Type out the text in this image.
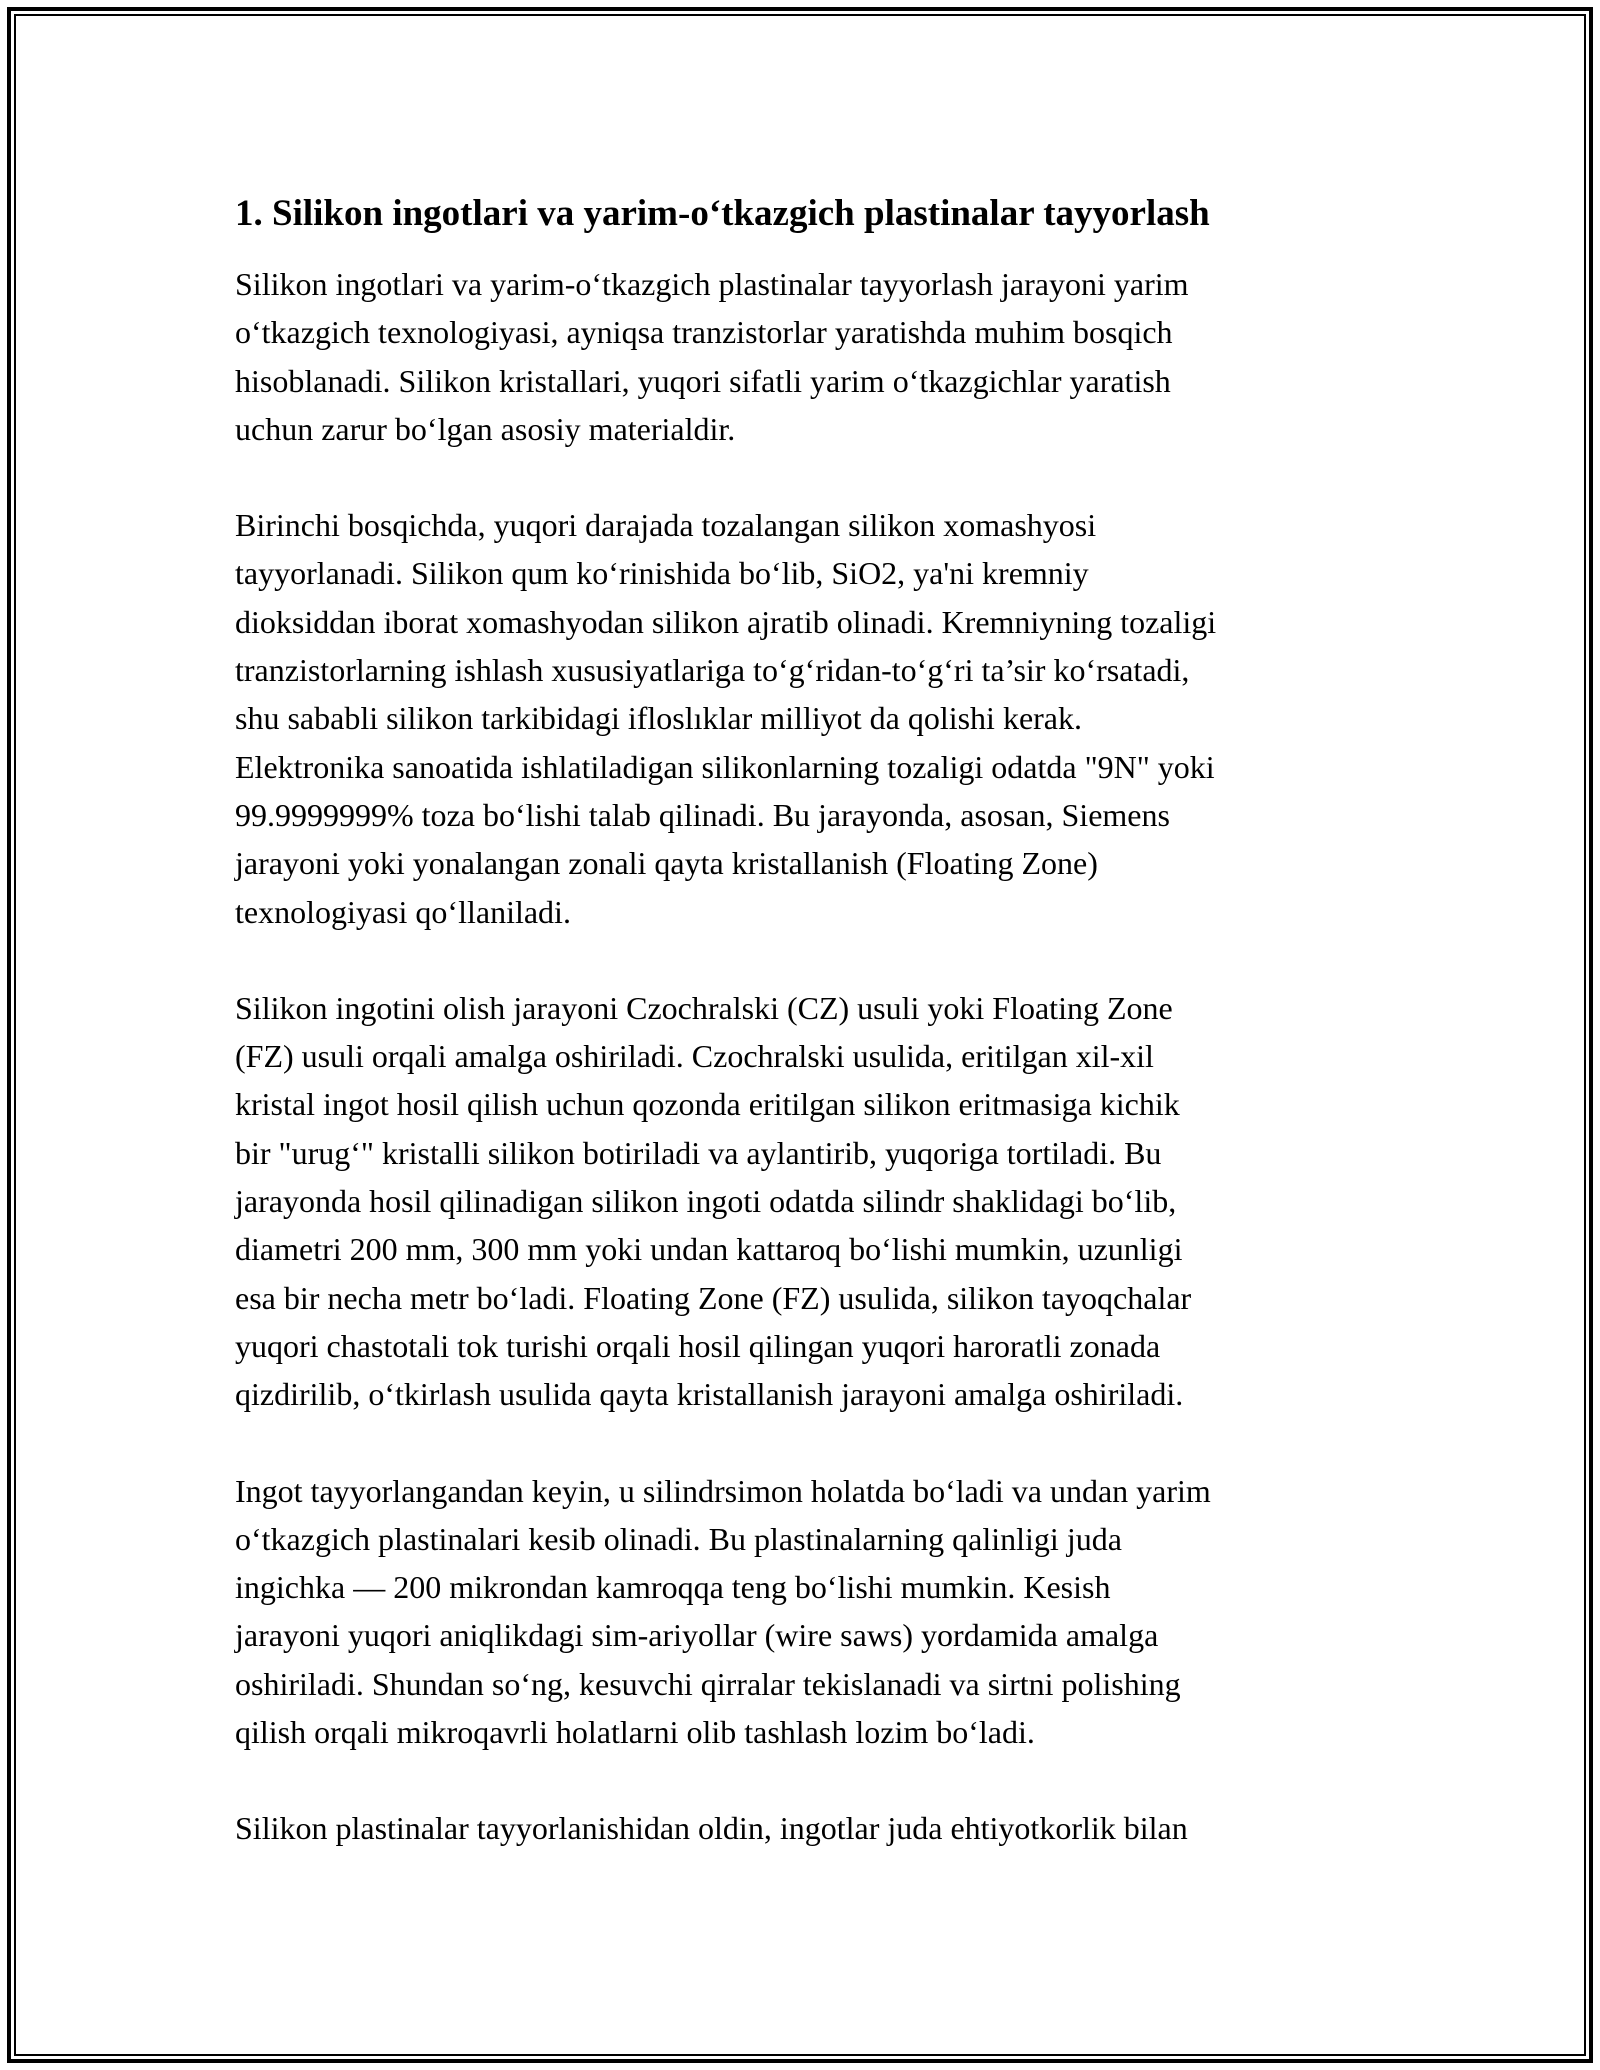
1. Silikon ingotlari va yarim-o‘tkazgich plastinalar tayyorlash

Silikon ingotlari va yarim-o‘tkazgich plastinalar tayyorlash jarayoni yarim
o‘tkazgich texnologiyasi, ayniqsa tranzistorlar yaratishda muhim bosqich
hisoblanadi. Silikon kristallari, yuqori sifatli yarim o‘tkazgichlar yaratish
uchun zarur bo‘lgan asosiy materialdir.

Birinchi bosqichda, yuqori darajada tozalangan silikon xomashyosi
tayyorlanadi. Silikon qum ko‘rinishida bo‘lib, SiO2, ya'ni kremniy
dioksiddan iborat xomashyodan silikon ajratib olinadi. Kremniyning tozaligi
tranzistorlarning ishlash xususiyatlariga to‘g‘ridan-to‘g‘ri ta’sir ko‘rsatadi,
shu sababli silikon tarkibidagi ifloslıklar milliyot da qolishi kerak.
Elektronika sanoatida ishlatiladigan silikonlarning tozaligi odatda "9N" yoki
99.9999999% toza bo‘lishi talab qilinadi. Bu jarayonda, asosan, Siemens
jarayoni yoki yonalangan zonali qayta kristallanish (Floating Zone)
texnologiyasi qo‘llaniladi.

Silikon ingotini olish jarayoni Czochralski (CZ) usuli yoki Floating Zone
(FZ) usuli orqali amalga oshiriladi. Czochralski usulida, eritilgan xil-xil
kristal ingot hosil qilish uchun qozonda eritilgan silikon eritmasiga kichik
bir "urug‘" kristalli silikon botiriladi va aylantirib, yuqoriga tortiladi. Bu
jarayonda hosil qilinadigan silikon ingoti odatda silindr shaklidagi bo‘lib,
diametri 200 mm, 300 mm yoki undan kattaroq bo‘lishi mumkin, uzunligi
esa bir necha metr bo‘ladi. Floating Zone (FZ) usulida, silikon tayoqchalar
yuqori chastotali tok turishi orqali hosil qilingan yuqori haroratli zonada
qizdirilib, o‘tkirlash usulida qayta kristallanish jarayoni amalga oshiriladi.

Ingot tayyorlangandan keyin, u silindrsimon holatda bo‘ladi va undan yarim
o‘tkazgich plastinalari kesib olinadi. Bu plastinalarning qalinligi juda
ingichka — 200 mikrondan kamroqqa teng bo‘lishi mumkin. Kesish
jarayoni yuqori aniqlikdagi sim-ariyollar (wire saws) yordamida amalga
oshiriladi. Shundan so‘ng, kesuvchi qirralar tekislanadi va sirtni polishing
qilish orqali mikroqavrli holatlarni olib tashlash lozim bo‘ladi.

Silikon plastinalar tayyorlanishidan oldin, ingotlar juda ehtiyotkorlik bilan
